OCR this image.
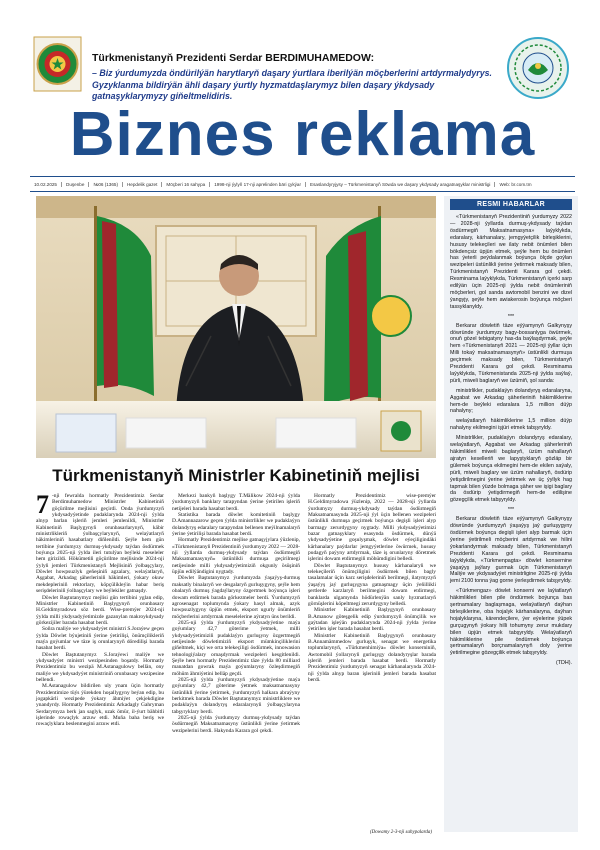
Türkmenistanyň Prezidenti Serdar BERDIMUHAMEDOW:
– Biz ýurdumyzda öndürilýän harytlaryň daşary ýurtlara iberilýän möçberlerini artdyrmalydyrys. Gyzyklanma bildirýän ähli daşary ýurtly hyzmatdaşlarymyz bilen daşary ýkdysady gatnaşyklarymyzy giňeltmelidiris.
Biznes reklama
10.02.2025	Duşenbe	№06 (1365)	Hepdelik gazet	Möçberi 16 sahypa	1998-nji ýylyň 17-nji aprelinden bäri çykýar	Esaslandyryjysy – Türkmenistanyň Söwda we daşary ykdysady aragatnaşyklar ministrligi	Web: br.com.tm
Türkmenistanyň Ministrler Kabinetiniň mejlisi
7 -nji fewralda hormatly Prezidentimiz Serdar Berdimuhamedow Ministrler Kabinetiniň göçürilme mejlisini geçirdi. Onda ýurdumyzyň ykdysadyýetinde pudaklarynda 2024-nji ýylda alnyp barlan işleriň jemleri jemlenildi, Ministrler Kabinetiniň Başlygynyň orunbasarlarynyň, käbir ministrlikleriň ýolbaşçylarynyň, welaýatlaryň häkimleriniň hasabatlary diňlenildi. Şeýle hem gün tertibine ýurdumyzy durmuş-ykdysady taýdan ösdürmek boýunça 2025-nji ýylda ileri tutulýan beýleki meseleler hem girizildi. Hökümetiň göçürilme mejlisinde 2024-nji ýylyň jemleri Türkmenistanyň Mejlisiniň ýolbaşçylary, Döwlet howpsuzlyk geňeşiniň agzalary, welaýatlaryň, Aşgabat, Arkadag şäherleriniň häkimleri, ýokary okuw mekdepleriniň rektorlary, köpçülikleýin habar beriş serişdeleriniň ýolbaşçylary we beýlekiler gatnaşdy.

Döwlet Baştutanymyz mejlisi gün tertibini yglan edip, Ministrler Kabinetiniň Başlygynyň orunbasary H.Geldimyradowa söz berdi. Wise-premýer 2024-nji ýylda milli ykdysadyýetimizde gazanylan makroykdysady görkezijiler barada hasabat berdi.

Soňra maliýe we ykdysadyýet ministri S.Joraýew geçen ýylda Döwlet býujetiniň ýerine ýetirilişi, önümçilikleriň maýa goýumlar we täze iş orunlarynyň döredilişi barada hasabat berdi.

Döwlet Baştutanymyz S.Joraýewi maliýe we ykdysadyýet ministri wezipesinden boşatdy. Hormatly Prezidentimiz bu wezipä M.Astanagulowy bellän, ony maliýe we ykdysadyýet ministriniň orunbasary wezipesine bellendi.

M.Astanagulow bildirilen uly ynam üçin hormatly Prezidentimize tüýs ýürekden hoşallygyny beýan edip, bu jogapkärli wezipede ýokary ähmiýet çekjekdigine ynandyrdy. Hormatly Prezidentimiz Arkadagly Gahryman Serdarymyza berk jan saglyk, uzak ömür, il-ýurt bähbitli işlerinde rowaçlyk arzuw etdi. Muňa baha beriş we rowaçlyklara beslenmegini arzuw etdi.

Merkezi bankyň başlygy T.Mälikow 2024-nji ýylda ýurdumyzyň banklary tarapyndan ýerine ýetirilen işleriň netijeleri barada hasabat berdi.

Statistika barada döwlet komitetiniň başlygy D.Amannazarow geçen ýylda ministrlikler we pudaklaýyn dolandyryş edaralary tarapyndan bellenen meýilnamalaryň ýerine ýetirilişi barada hasabat berdi.

Hormatly Prezidentimiz mejlise gatnaşyjylara ýüzlenip, «Türkmenistanyň Prezidentiniň ýurdumyzy 2022 — 2028-nji ýyllarda durmuş-ykdysady taýdan ösdürmegiň Maksatnamasynyň» üstünlikli durmuşa geçirilmegi netijesinde milli ykdysadyýetimiziň okgunly ösüşiniň üpjün edilýändigini nygtady.

Döwlet Baştutanymyz ýurdumyzda ýaşaýyş-durmuş maksatly binalaryň we desgalaryň gurluşygyny, şeýle hem obalaryň durmuş ýagdaýlaryny özgertmek boýunça işleri dowam etdirmek barada görkezmeler berdi. Ýurdumyzyň agrosenagat toplumynda ýokary hasyl almak, azyk howpsuzlygyny üpjün etmek, eksport ugurly önümleriň möçberlerini artdyrmak meselelerine aýratyn üns berildi.

2025-nji ýylda ýurdumyzyň ykdysadyýetine maýa goýumlary 42,7 göterime ýetmek, milli ykdysadyýetimiziň pudaklaýyn gurluşyny özgertmegiň netijesinde döwletimiziň eksport mümkinçiliklerini giňeltmek, kiçi we orta telekeçiligi ösdürmek, innowasion tehnologiýalary ornaşdyrmak wezipeleri kesgitlenildi. Şeýle hem hormatly Prezidentimiz täze ýylda 80 milliard manatdan gowrak maýa goýumlaryny özleşdirmegiň möhüm ähmiýetini belläp geçdi.

2025-nji ýylda ýurdumyzyň ykdysadyýetine maýa goýumlary 42,7 göterime ýetmek maksatnamasyny üstünlikli ýerine ýetirmek, ýurdumyzyň halkara abraýyny berkitmek barada Döwlet Baştutanymyz ministrliklere we pudaklaýyn dolandyryş edaralarynyň ýolbaşçylaryna tabşyryklary berdi.

2025-nji ýylda ýurdumyzy durmuş-ykdysady taýdan ösdürmegiň Maksatnamasyny üstünlikli ýerine ýetirmek wezipelerini berdi. Hakynda Karara gol çekdi.

Hormatly Prezidentimiz wise-premýer H.Geldimyradowa ýüzlenip, 2022 — 2028-nji ýyllarda ýurdumyzy durmuş-ykdysady taýdan ösdürmegiň Maksatnamasynda 2025-nji ýyl üçin bellenen wezipeleri üstünlikli durmuşa geçirmek boýunça degişli işleri alyp barmagy zerurdygyny nygtady. Milli ykdysadyýetimizi bazar gatnaşyklary esasynda ösdürmek, dünýä ykdysadyýetine goşulyşmak, döwlet eýeçiligindäki kärhanalary paýdarlar jemgyýetlerine öwürmek, hususy pudagyň paýyny artdyrmak, täze iş orunlaryny döretmek işlerini dowam etdirmegiň möhümdigini belledi.

Döwlet Baştutanymyz hususy kärhanalaryň we telekeçileriň önümçiligini ösdürmek bilen bagly tasalamalar üçin karz serişdeleriniň berilmegi, ilatymyzyň ýaşaýyş jaý gurluşygyna gatnaşmagy üçin ýeňillikli şertlerde karzlaryň berilmegini dowam etdirmegi, banklarda ulgamynda hödürlenýän sanly hyzmatlaryň görnüşlerini köpeltmegi zerurdygyny belledi.

Ministrler Kabinetiniň Başlygynyň orunbasary B.Amanow göteşgelik edip ýurdumyzyň önümçilik we gaýtadan işleýän pudaklarynda 2024-nji ýylda ýerine ýetirilen işler barada hasabat berdi.

Ministrler Kabinetiniň Başlygynyň orunbasary B.Annamämmedow gurluşyk, senagat we energetika toplumlarynyň, «Türkmenhimiýa» döwlet konserniniň, Awtomobil ýollarynyň gurluşygy dolandyryşlar barada işleriň jemleri barada hasabat berdi. Hormatly Prezidentimiz ýurdumyzyň senagat kärhanalarynda 2024-nji ýylda alnyp baran işleriniň jemleri barada hasabat berdi.

(Dowamy 2-3-nji sahypalarda)
RESMI HABARLAR

«Türkmenistanyň Prezidentiniň ýurdumyzy 2022 — 2028-nji ýyllarda durmuş-ykdysady taýdan ösdürmegiň Maksatnamasyna» laýyklykda, edaralary, kärhanalary, jemgyýetçilik birleşiklerini, hususy telekeçileri we ilaty nebit önümleri bilen bökdençsiz üpjün etmek, şeýle hem bu önümleri has ýeterli peýdalanmak boýunça ölçde goýlan wezipeleri üstünlikli ýerine ýetirmek maksady bilen, Türkmenistanyň Prezidenti Karara gol çekdi. Resminama laýyklykda, Türkmenistanyň içerki sarp edilýän üçin 2025-nji ýylda nebit önümleriniň möçberleri, gol sanda awtomobil benzini we dizel ýangyjy, şeýle hem awiakerosin boýunça möçberi tassyklanyldy.

***

Berkarar döwletiň täze eýýamynyň Galkynyşy döwründe ýurdumyzy bagy-bossanlyga öwürmek, onuň gözel tebigatyny has-da baýlaşdyrmak, şeýle hem «Türkmenistanyň 2021 — 2025-nji ýyllar üçin Milli tokaý maksatnamasynyň» üstünlikli durmuşa geçirmek maksady bilen, Türkmenistanyň Prezidenti Karara gol çekdi. Resminama laýyklykda, Türkmenistanda 2025-nji ýylda saýlaý, pürli, miweli baglaryň we üzümiň, şol sanda:

ministrlikler, pudaklaýyn dolandyryş edaralaryna, Aşgabat we Arkadag şäherleriniň häkimliklerine hem-de beýleki edaralara 1,5 million düýp nahalyny;

welaýatlaryň häkimliklerine 1,5 million düýp nahalyny ekilmegini işjüri etmek tabşyryldy.

Ministrlikler, pudaklaýyn dolandyryş edaralary, welaýatlaryň, Aşgabat we Arkadag şäherleriniň häkimlikleri miweli baglaryň, üzüm nahallaryň ajratyn keselleriň we lapyştyklaryň gözläp bir gülemek boýunça ekilmegini hem-de ekilen saýaly, pürli, miweli baglary we üzüm nahallaryň, ösdürip ýetişdirilmegini ýerine ýetirmek we üç ýyllyk hag tapmak bilen ýüzde bolmaga şäher we işigi baglary da ösdürip ýetişdirmegiň hem-de edilişine gözegçilik etmek tabşyryldy.

***

Berkarar döwletiň täze eýýamynyň Galkynyşy döwründe ýurdumyzyň ýaşaýyş jaý gurluşygyny ösdürmek boýunça degişli işleri alyp barmak üçin ýerine ýetirilmeli möçberini artdyrmak we hilini ýokarlandyrmak maksady bilen, Türkmenistanyň Prezidenti Karara gol çekdi. Resminama laýyklykda, «Türkmenpagta» döwlet konsernine ýaşaýyş jaýlary gurmak üçin Türkmenistanyň Maliýe we ykdysadyýet ministrligine 2025-nji ýylda jemi 2100 tonna ýag gorne ýerleşdirmek tabşyryldy.

«Türkmengaz» döwlet konserni we laýiatlaryň häkimlikleri bilen pile öndürmek boýunça bas şertnamalary baglaşmaga, welaýatlaryň daýhan birleşiklerine, oba hojalyk kärhanalaryna, daýhan hojalyklaryna, kärendeçilere, ýer eýelerine ýüpek gurçugynyň ýokary hilli tohumyny zerur mukdary bilen üpjün etmek tabşyryldy. Welaýatlaryň häkimliklerine pile öndürmek boýunça şertnamalaryň borçnamalarynyň doly ýerine ýetirilmegine gözegçilik etmek tabşyryldy.

(TDH).
